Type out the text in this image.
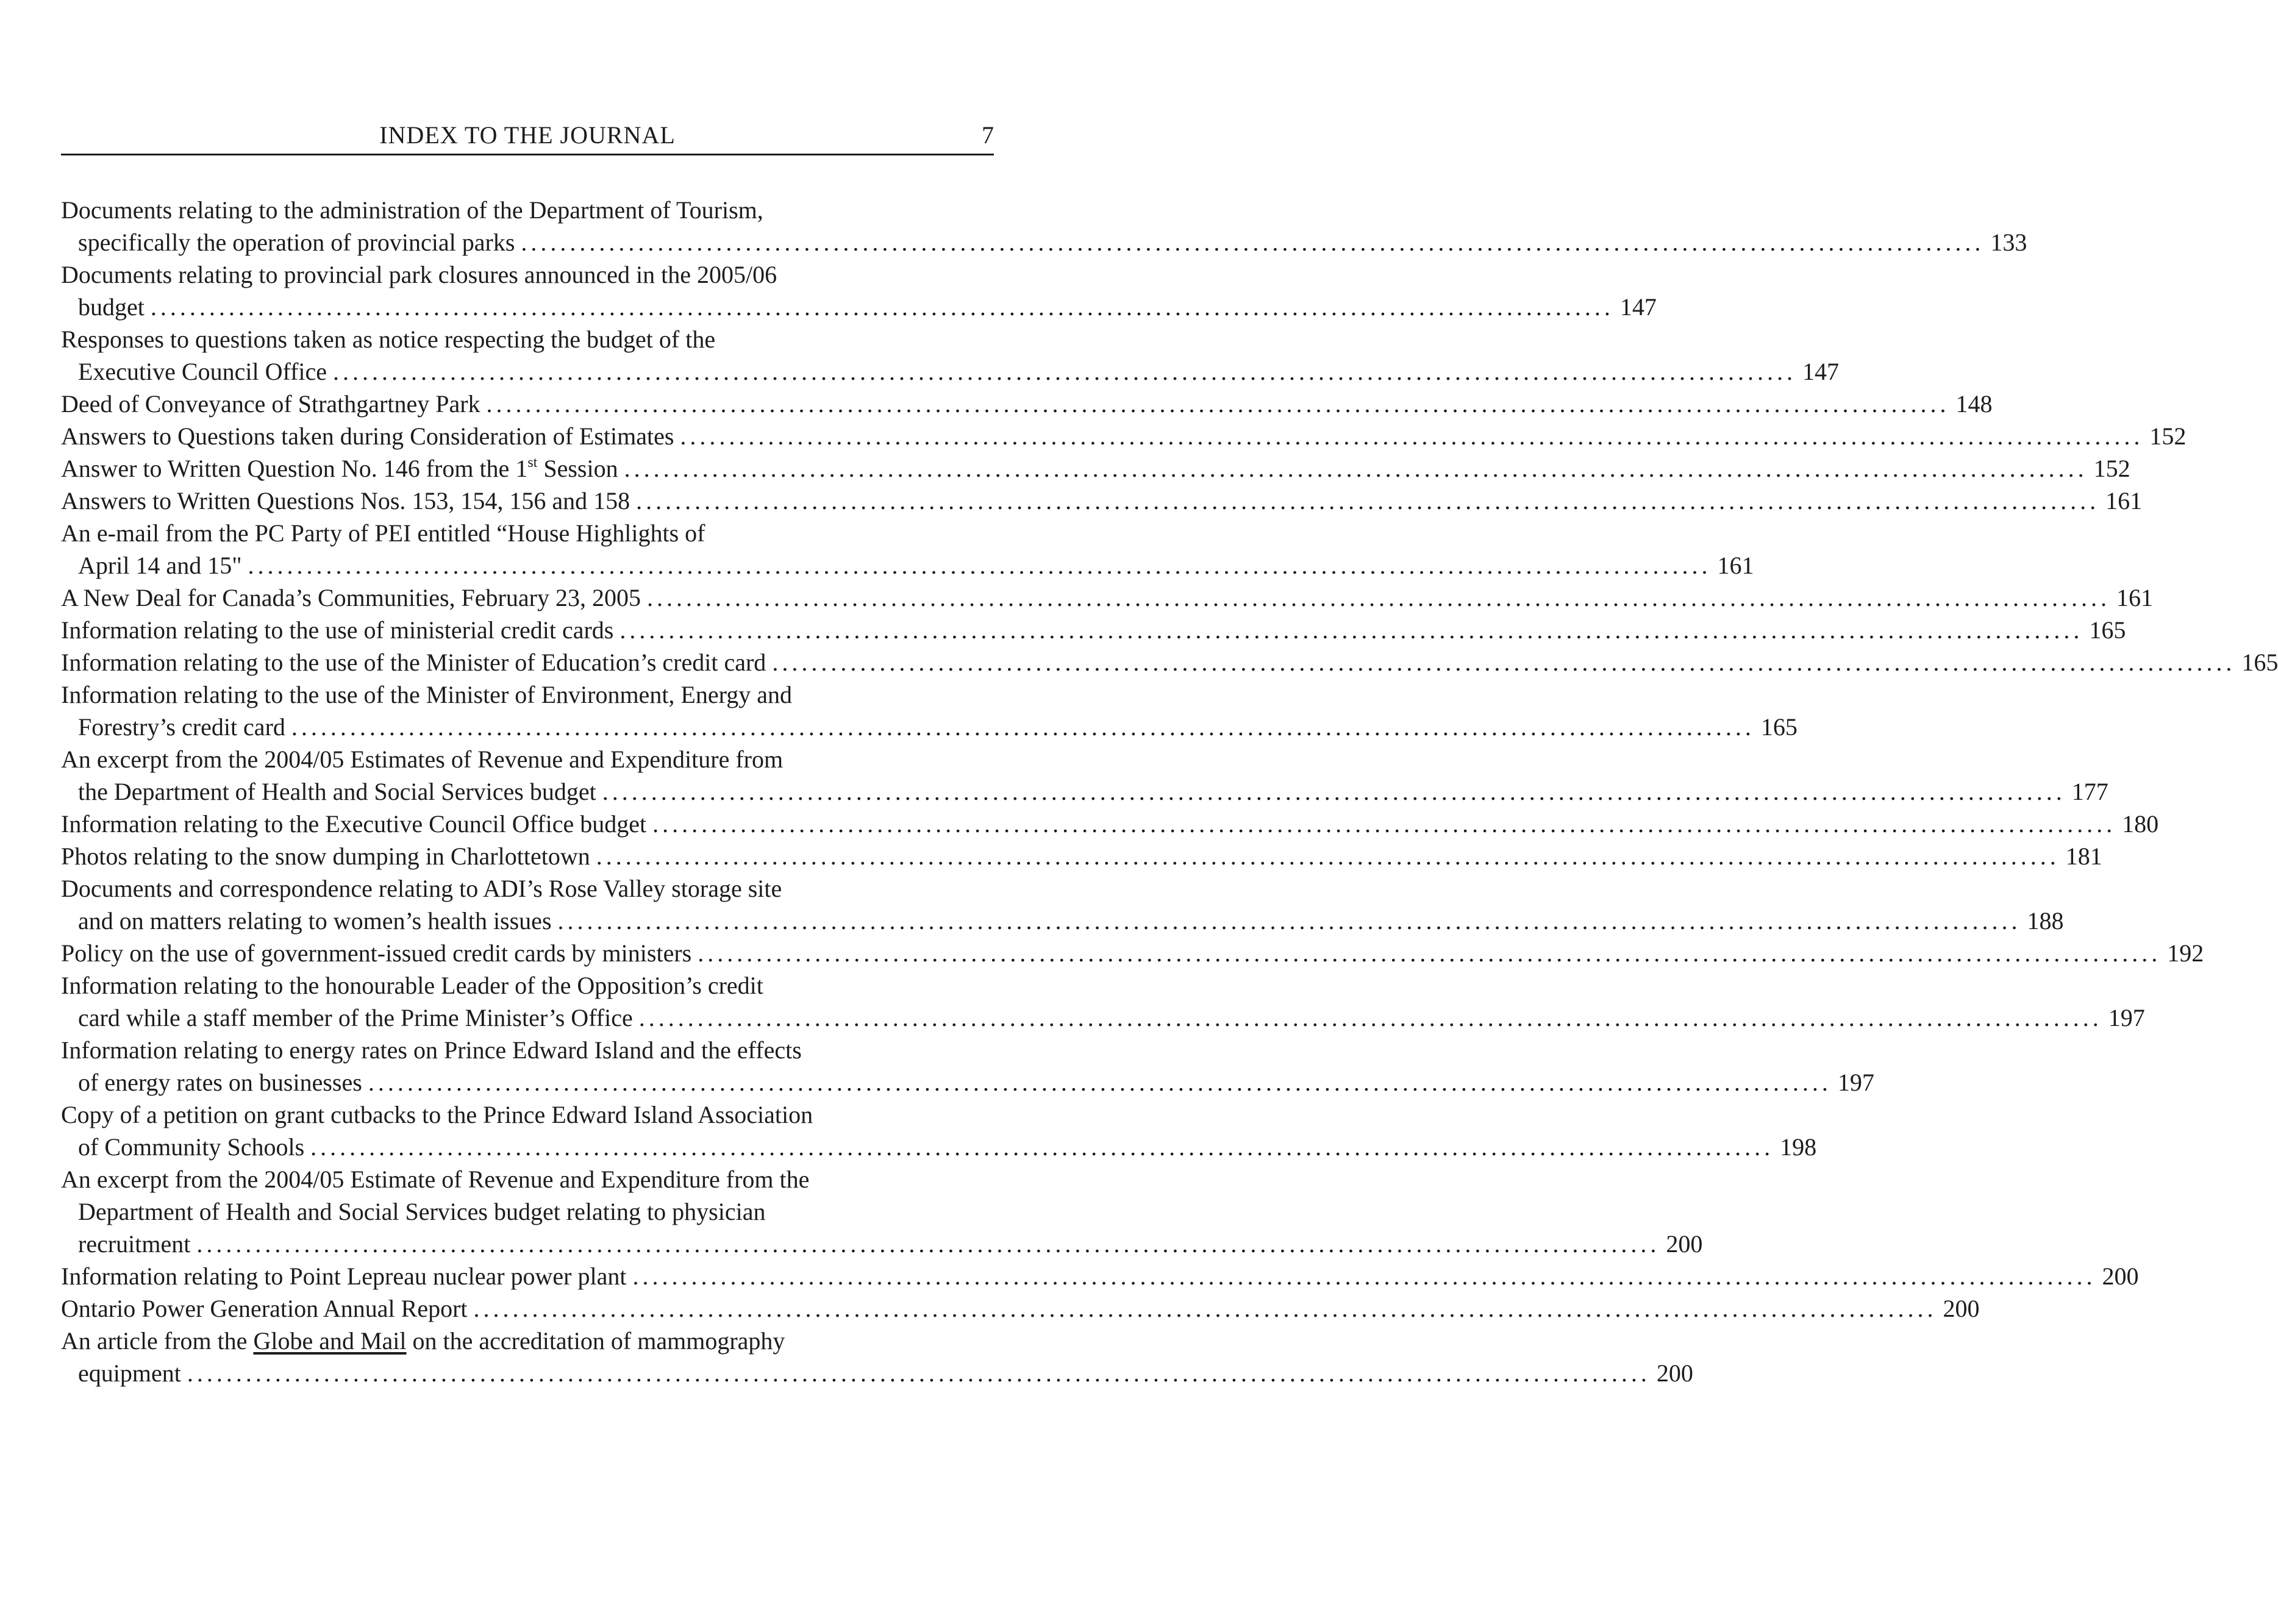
INDEX TO THE JOURNAL	7
Documents relating to the administration of the Department of Tourism,
specifically the operation of provincial parks ...................................................................................................................................................... 133
Documents relating to provincial park closures announced in the 2005/06
budget ...................................................................................................................................................... 147
Responses to questions taken as notice respecting the budget of the
Executive Council Office ...................................................................................................................................................... 147
Deed of Conveyance of Strathgartney Park ...................................................................................................................................................... 148
Answers to Questions taken during Consideration of Estimates ...................................................................................................................................................... 152
Answer to Written Question No. 146 from the 1st Session ...................................................................................................................................................... 152
Answers to Written Questions Nos. 153, 154, 156 and 158 ...................................................................................................................................................... 161
An e-mail from the PC Party of PEI entitled “House Highlights of
April 14 and 15" ...................................................................................................................................................... 161
A New Deal for Canada’s Communities, February 23, 2005 ...................................................................................................................................................... 161
Information relating to the use of ministerial credit cards ...................................................................................................................................................... 165
Information relating to the use of the Minister of Education’s credit card ...................................................................................................................................................... 165
Information relating to the use of the Minister of Environment, Energy and
Forestry’s credit card ...................................................................................................................................................... 165
An excerpt from the 2004/05 Estimates of Revenue and Expenditure from
the Department of Health and Social Services budget ...................................................................................................................................................... 177
Information relating to the Executive Council Office budget ...................................................................................................................................................... 180
Photos relating to the snow dumping in Charlottetown ...................................................................................................................................................... 181
Documents and correspondence relating to ADI’s Rose Valley storage site
and on matters relating to women’s health issues ...................................................................................................................................................... 188
Policy on the use of government-issued credit cards by ministers ...................................................................................................................................................... 192
Information relating to the honourable Leader of the Opposition’s credit
card while a staff member of the Prime Minister’s Office ...................................................................................................................................................... 197
Information relating to energy rates on Prince Edward Island and the effects
of energy rates on businesses ...................................................................................................................................................... 197
Copy of a petition on grant cutbacks to the Prince Edward Island Association
of Community Schools ...................................................................................................................................................... 198
An excerpt from the 2004/05 Estimate of Revenue and Expenditure from the
Department of Health and Social Services budget relating to physician
recruitment ...................................................................................................................................................... 200
Information relating to Point Lepreau nuclear power plant ...................................................................................................................................................... 200
Ontario Power Generation Annual Report ...................................................................................................................................................... 200
An article from the Globe and Mail on the accreditation of mammography
equipment ...................................................................................................................................................... 200
